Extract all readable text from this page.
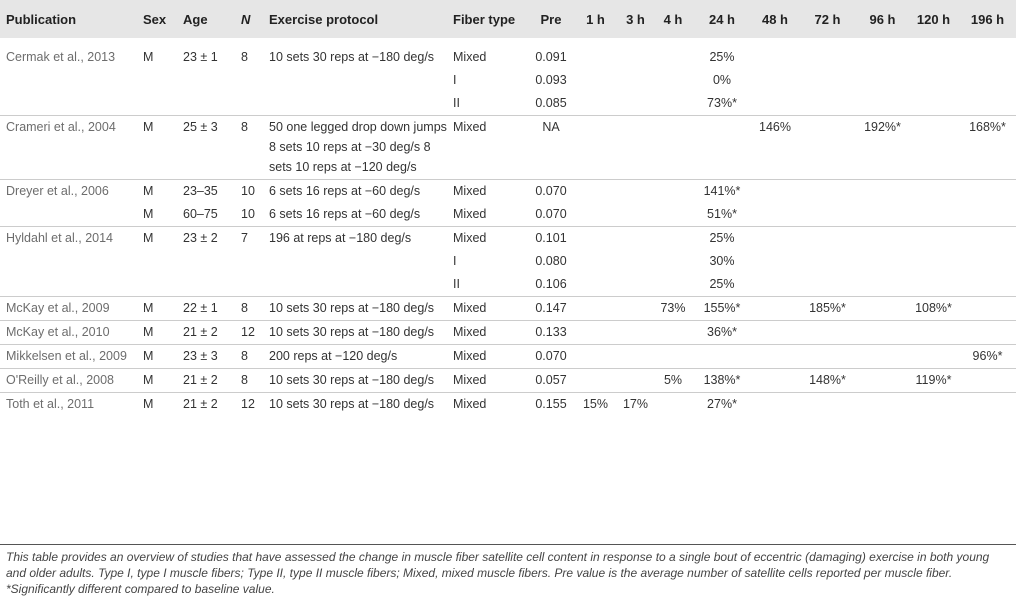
Publication	Sex	Age	N	Exercise protocol	Fiber type	Pre	1 h	3 h	4 h	24 h	48 h	72 h	96 h	120 h	196 h
Cermak et al., 2013	M	23 ± 1	8	10 sets 30 reps at −180 deg/s	Mixed	0.091				25%					
					I	0.093				0%					
					II	0.085				73%*					
Crameri et al., 2004	M	25 ± 3	8	50 one legged drop down jumps 8 sets 10 reps at −30 deg/s 8 sets 10 reps at −120 deg/s	Mixed	NA					146%		192%*		168%*
Dreyer et al., 2006	M	23–35	10	6 sets 16 reps at −60 deg/s	Mixed	0.070				141%*					
	M	60–75	10	6 sets 16 reps at −60 deg/s	Mixed	0.070				51%*					
Hyldahl et al., 2014	M	23 ± 2	7	196 at reps at −180 deg/s	Mixed	0.101				25%					
					I	0.080				30%					
					II	0.106				25%					
McKay et al., 2009	M	22 ± 1	8	10 sets 30 reps at −180 deg/s	Mixed	0.147			73%	155%*		185%*		108%*	
McKay et al., 2010	M	21 ± 2	12	10 sets 30 reps at −180 deg/s	Mixed	0.133				36%*					
Mikkelsen et al., 2009	M	23 ± 3	8	200 reps at −120 deg/s	Mixed	0.070									96%*
O'Reilly et al., 2008	M	21 ± 2	8	10 sets 30 reps at −180 deg/s	Mixed	0.057			5%	138%*		148%*		119%*	
Toth et al., 2011	M	21 ± 2	12	10 sets 30 reps at −180 deg/s	Mixed	0.155	15%	17%		27%*					

This table provides an overview of studies that have assessed the change in muscle fiber satellite cell content in response to a single bout of eccentric (damaging) exercise in both young and older adults. Type I, type I muscle fibers; Type II, type II muscle fibers; Mixed, mixed muscle fibers. Pre value is the average number of satellite cells reported per muscle fiber.

*Significantly different compared to baseline value.
